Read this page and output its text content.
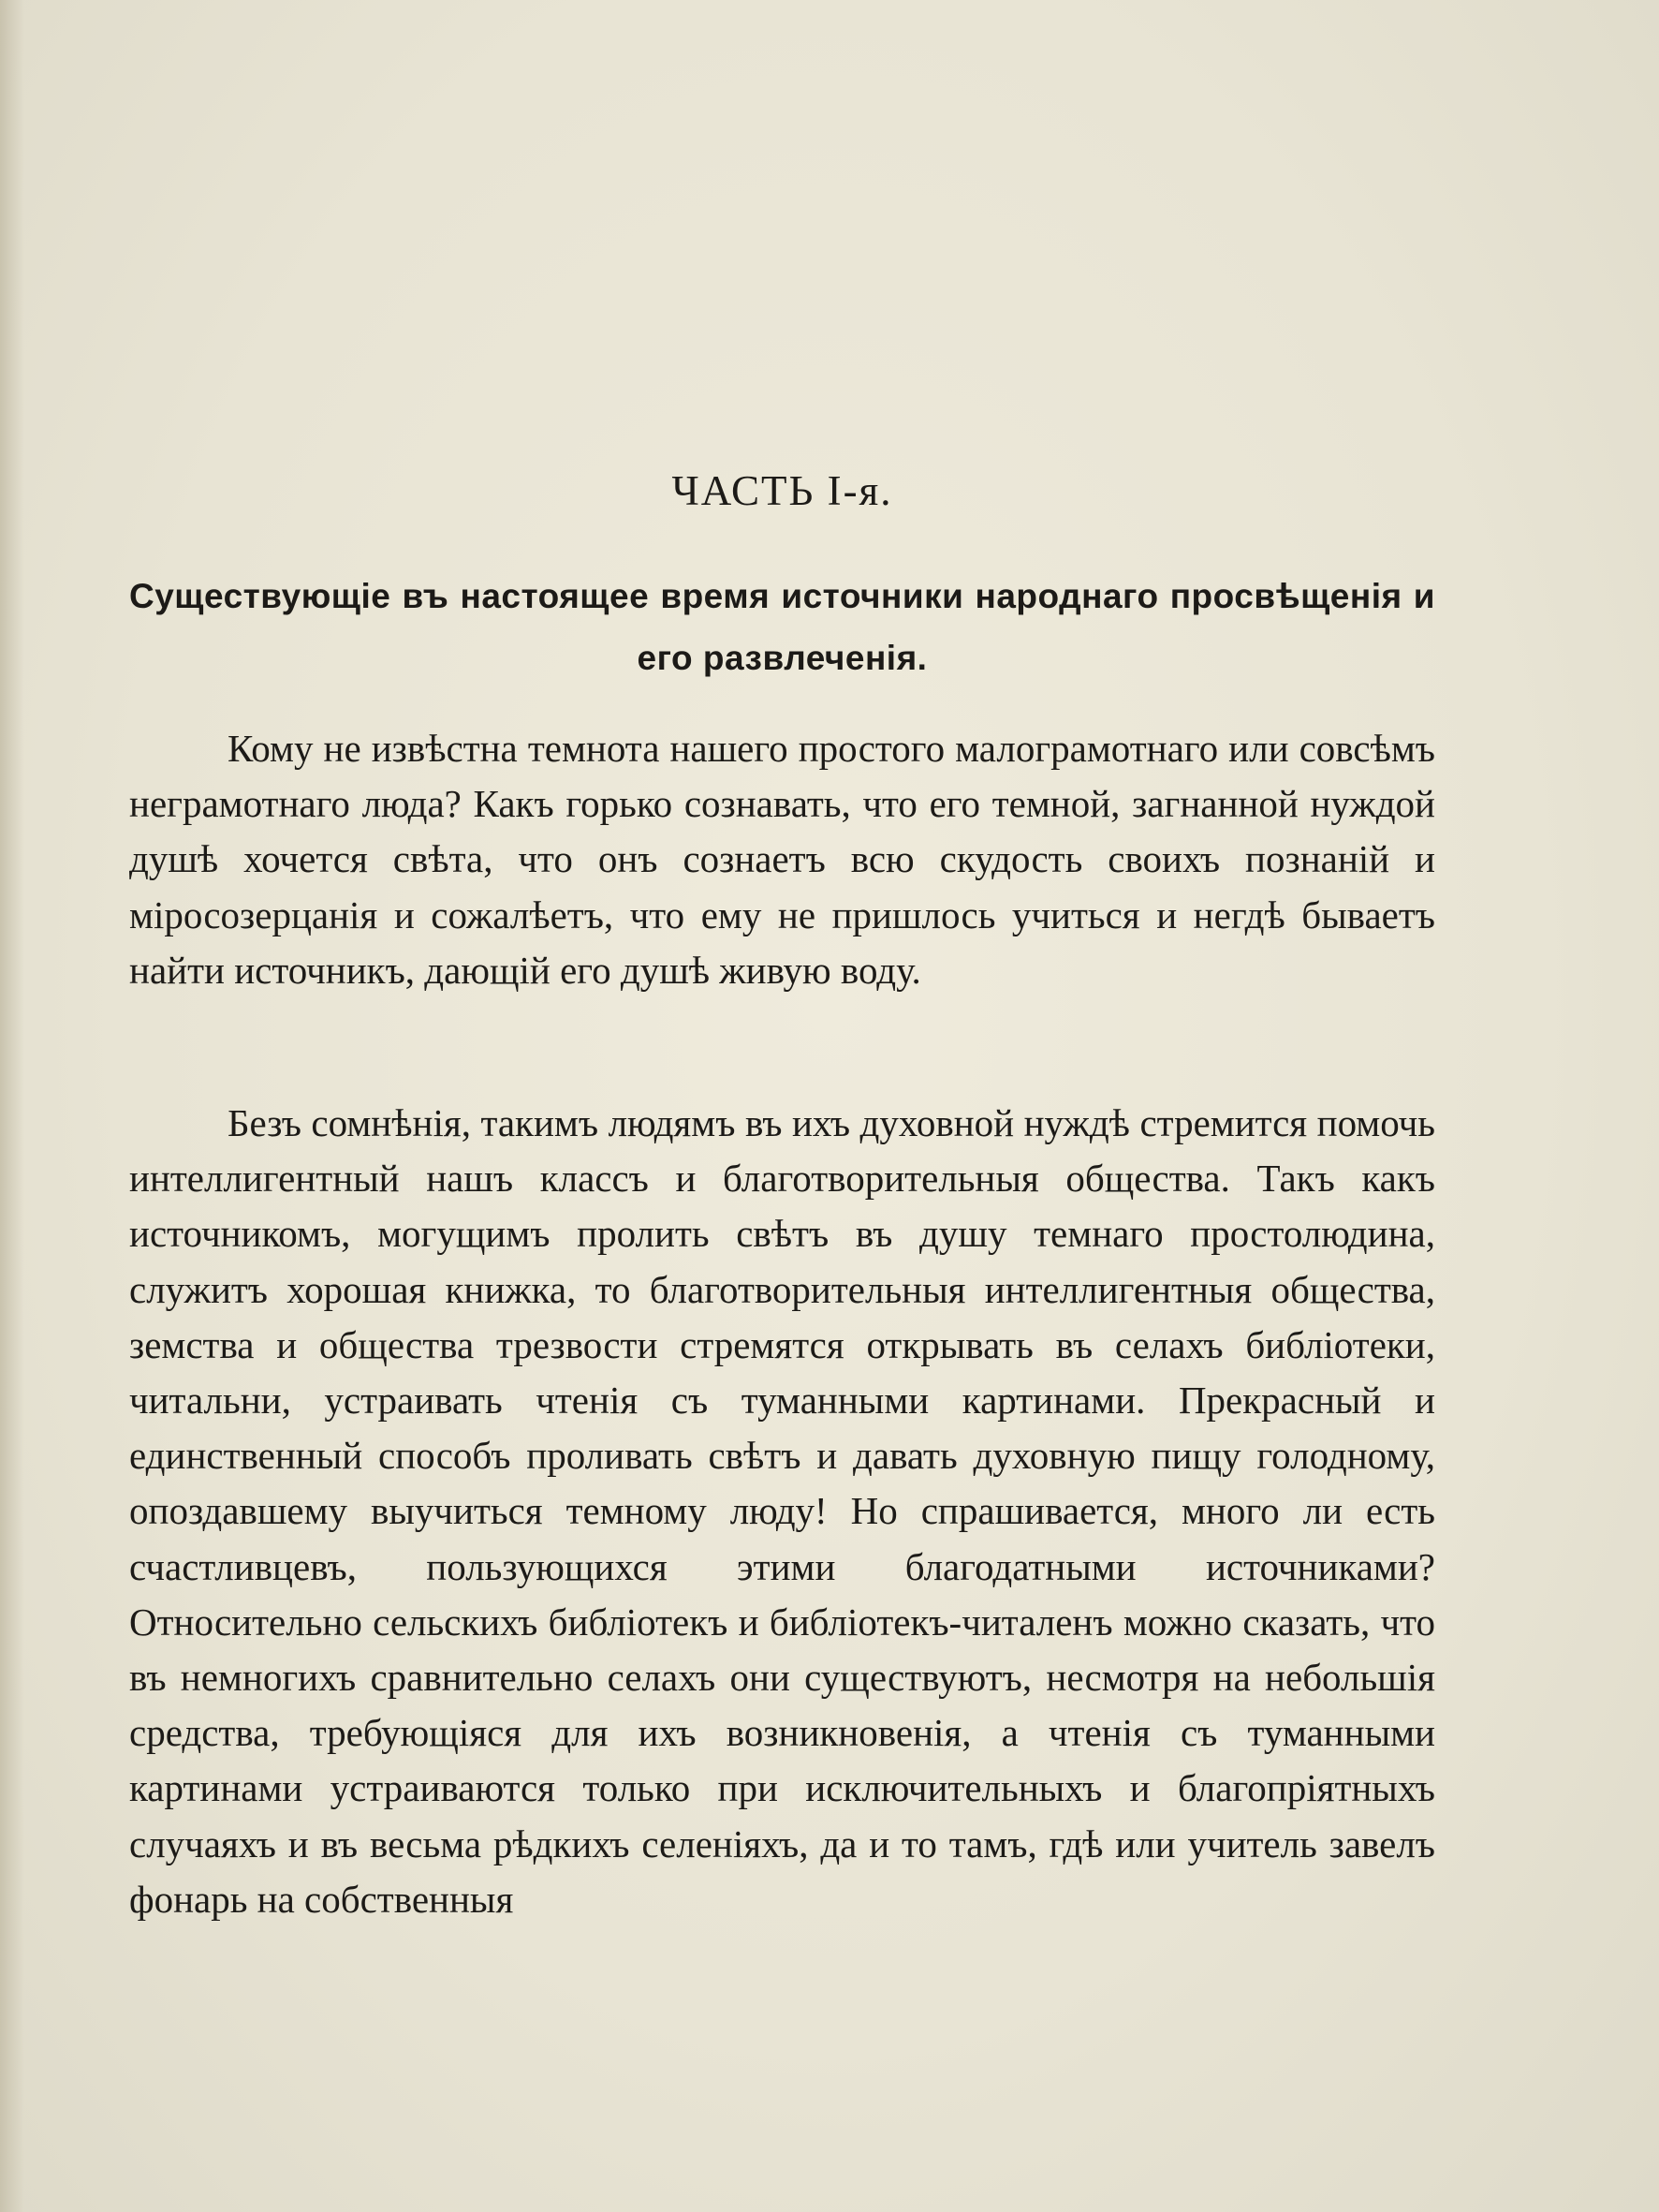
ЧАСТЬ I-я.
Существующіе въ настоящее время источники народнаго просвѣщенія и его развлеченія.

Кому не извѣстна темнота нашего простого малограмотнаго или совсѣмъ неграмотнаго люда? Какъ горько сознавать, что его темной, загнанной нуждой душѣ хочется свѣта, что онъ сознаетъ всю скудость своихъ познаній и міросозерцанія и сожалѣетъ, что ему не пришлось учиться и негдѣ бываетъ найти источникъ, дающій его душѣ живую воду.

Безъ сомнѣнія, такимъ людямъ въ ихъ духовной нуждѣ стремится помочь интеллигентный нашъ классъ и благотворительныя общества. Такъ какъ источникомъ, могущимъ пролить свѣтъ въ душу темнаго простолюдина, служитъ хорошая книжка, то благотворительныя интеллигентныя общества, земства и общества трезвости стремятся открывать въ селахъ библіотеки, читальни, устраивать чтенія съ туманными картинами. Прекрасный и единственный способъ проливать свѣтъ и давать духовную пищу голодному, опоздавшему выучиться темному люду! Но спрашивается, много ли есть счастливцевъ, пользующихся этими благодатными источниками? Относительно сельскихъ библіотекъ и библіотекъ-читаленъ можно сказать, что въ немногихъ сравнительно селахъ они существуютъ, несмотря на небольшія средства, требующіяся для ихъ возникновенія, а чтенія съ туманными картинами устраиваются только при исключительныхъ и благопріятныхъ случаяхъ и въ весьма рѣдкихъ селеніяхъ, да и то тамъ, гдѣ или учитель завелъ фонарь на собственныя
